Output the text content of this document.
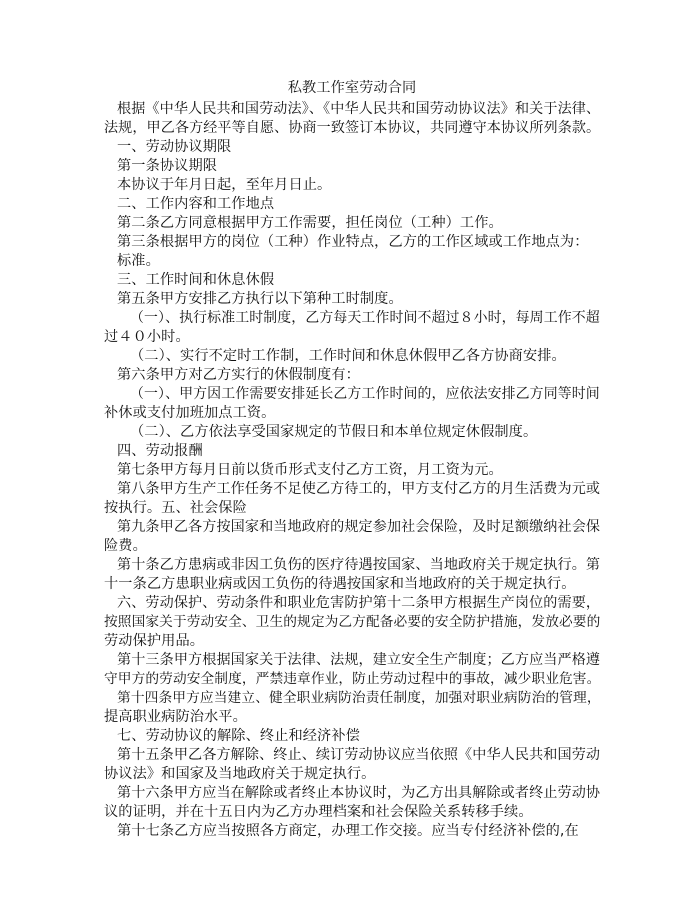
私教工作室劳动合同
根据《中华人民共和国劳动法》、《中华人民共和国劳动协议法》和关于法律、
法规，甲乙各方经平等自愿、协商一致签订本协议，共同遵守本协议所列条款。
一、劳动协议期限
第一条协议期限
本协议于年月日起，至年月日止。
二、工作内容和工作地点
第二条乙方同意根据甲方工作需要，担任岗位（工种）工作。
第三条根据甲方的岗位（工种）作业特点，乙方的工作区域或工作地点为：
标准。
三、工作时间和休息休假
第五条甲方安排乙方执行以下第种工时制度。
（一）、执行标准工时制度，乙方每天工作时间不超过８小时，每周工作不超
过４０小时。
（二）、实行不定时工作制，工作时间和休息休假甲乙各方协商安排。
第六条甲方对乙方实行的休假制度有：
（一）、甲方因工作需要安排延长乙方工作时间的，应依法安排乙方同等时间
补休或支付加班加点工资。
（二）、乙方依法享受国家规定的节假日和本单位规定休假制度。
四、劳动报酬
第七条甲方每月日前以货币形式支付乙方工资，月工资为元。
第八条甲方生产工作任务不足使乙方待工的，甲方支付乙方的月生活费为元或
按执行。五、社会保险
第九条甲乙各方按国家和当地政府的规定参加社会保险，及时足额缴纳社会保
险费。
第十条乙方患病或非因工负伤的医疗待遇按国家、当地政府关于规定执行。第
十一条乙方患职业病或因工负伤的待遇按国家和当地政府的关于规定执行。
六、劳动保护、劳动条件和职业危害防护第十二条甲方根据生产岗位的需要，
按照国家关于劳动安全、卫生的规定为乙方配备必要的安全防护措施，发放必要的
劳动保护用品。
第十三条甲方根据国家关于法律、法规，建立安全生产制度；乙方应当严格遵
守甲方的劳动安全制度，严禁违章作业，防止劳动过程中的事故，减少职业危害。
第十四条甲方应当建立、健全职业病防治责任制度，加强对职业病防治的管理，
提高职业病防治水平。
七、劳动协议的解除、终止和经济补偿
第十五条甲乙各方解除、终止、续订劳动协议应当依照《中华人民共和国劳动
协议法》和国家及当地政府关于规定执行。
第十六条甲方应当在解除或者终止本协议时，为乙方出具解除或者终止劳动协
议的证明，并在十五日内为乙方办理档案和社会保险关系转移手续。
第十七条乙方应当按照各方商定，办理工作交接。应当专付经济补偿的,在
